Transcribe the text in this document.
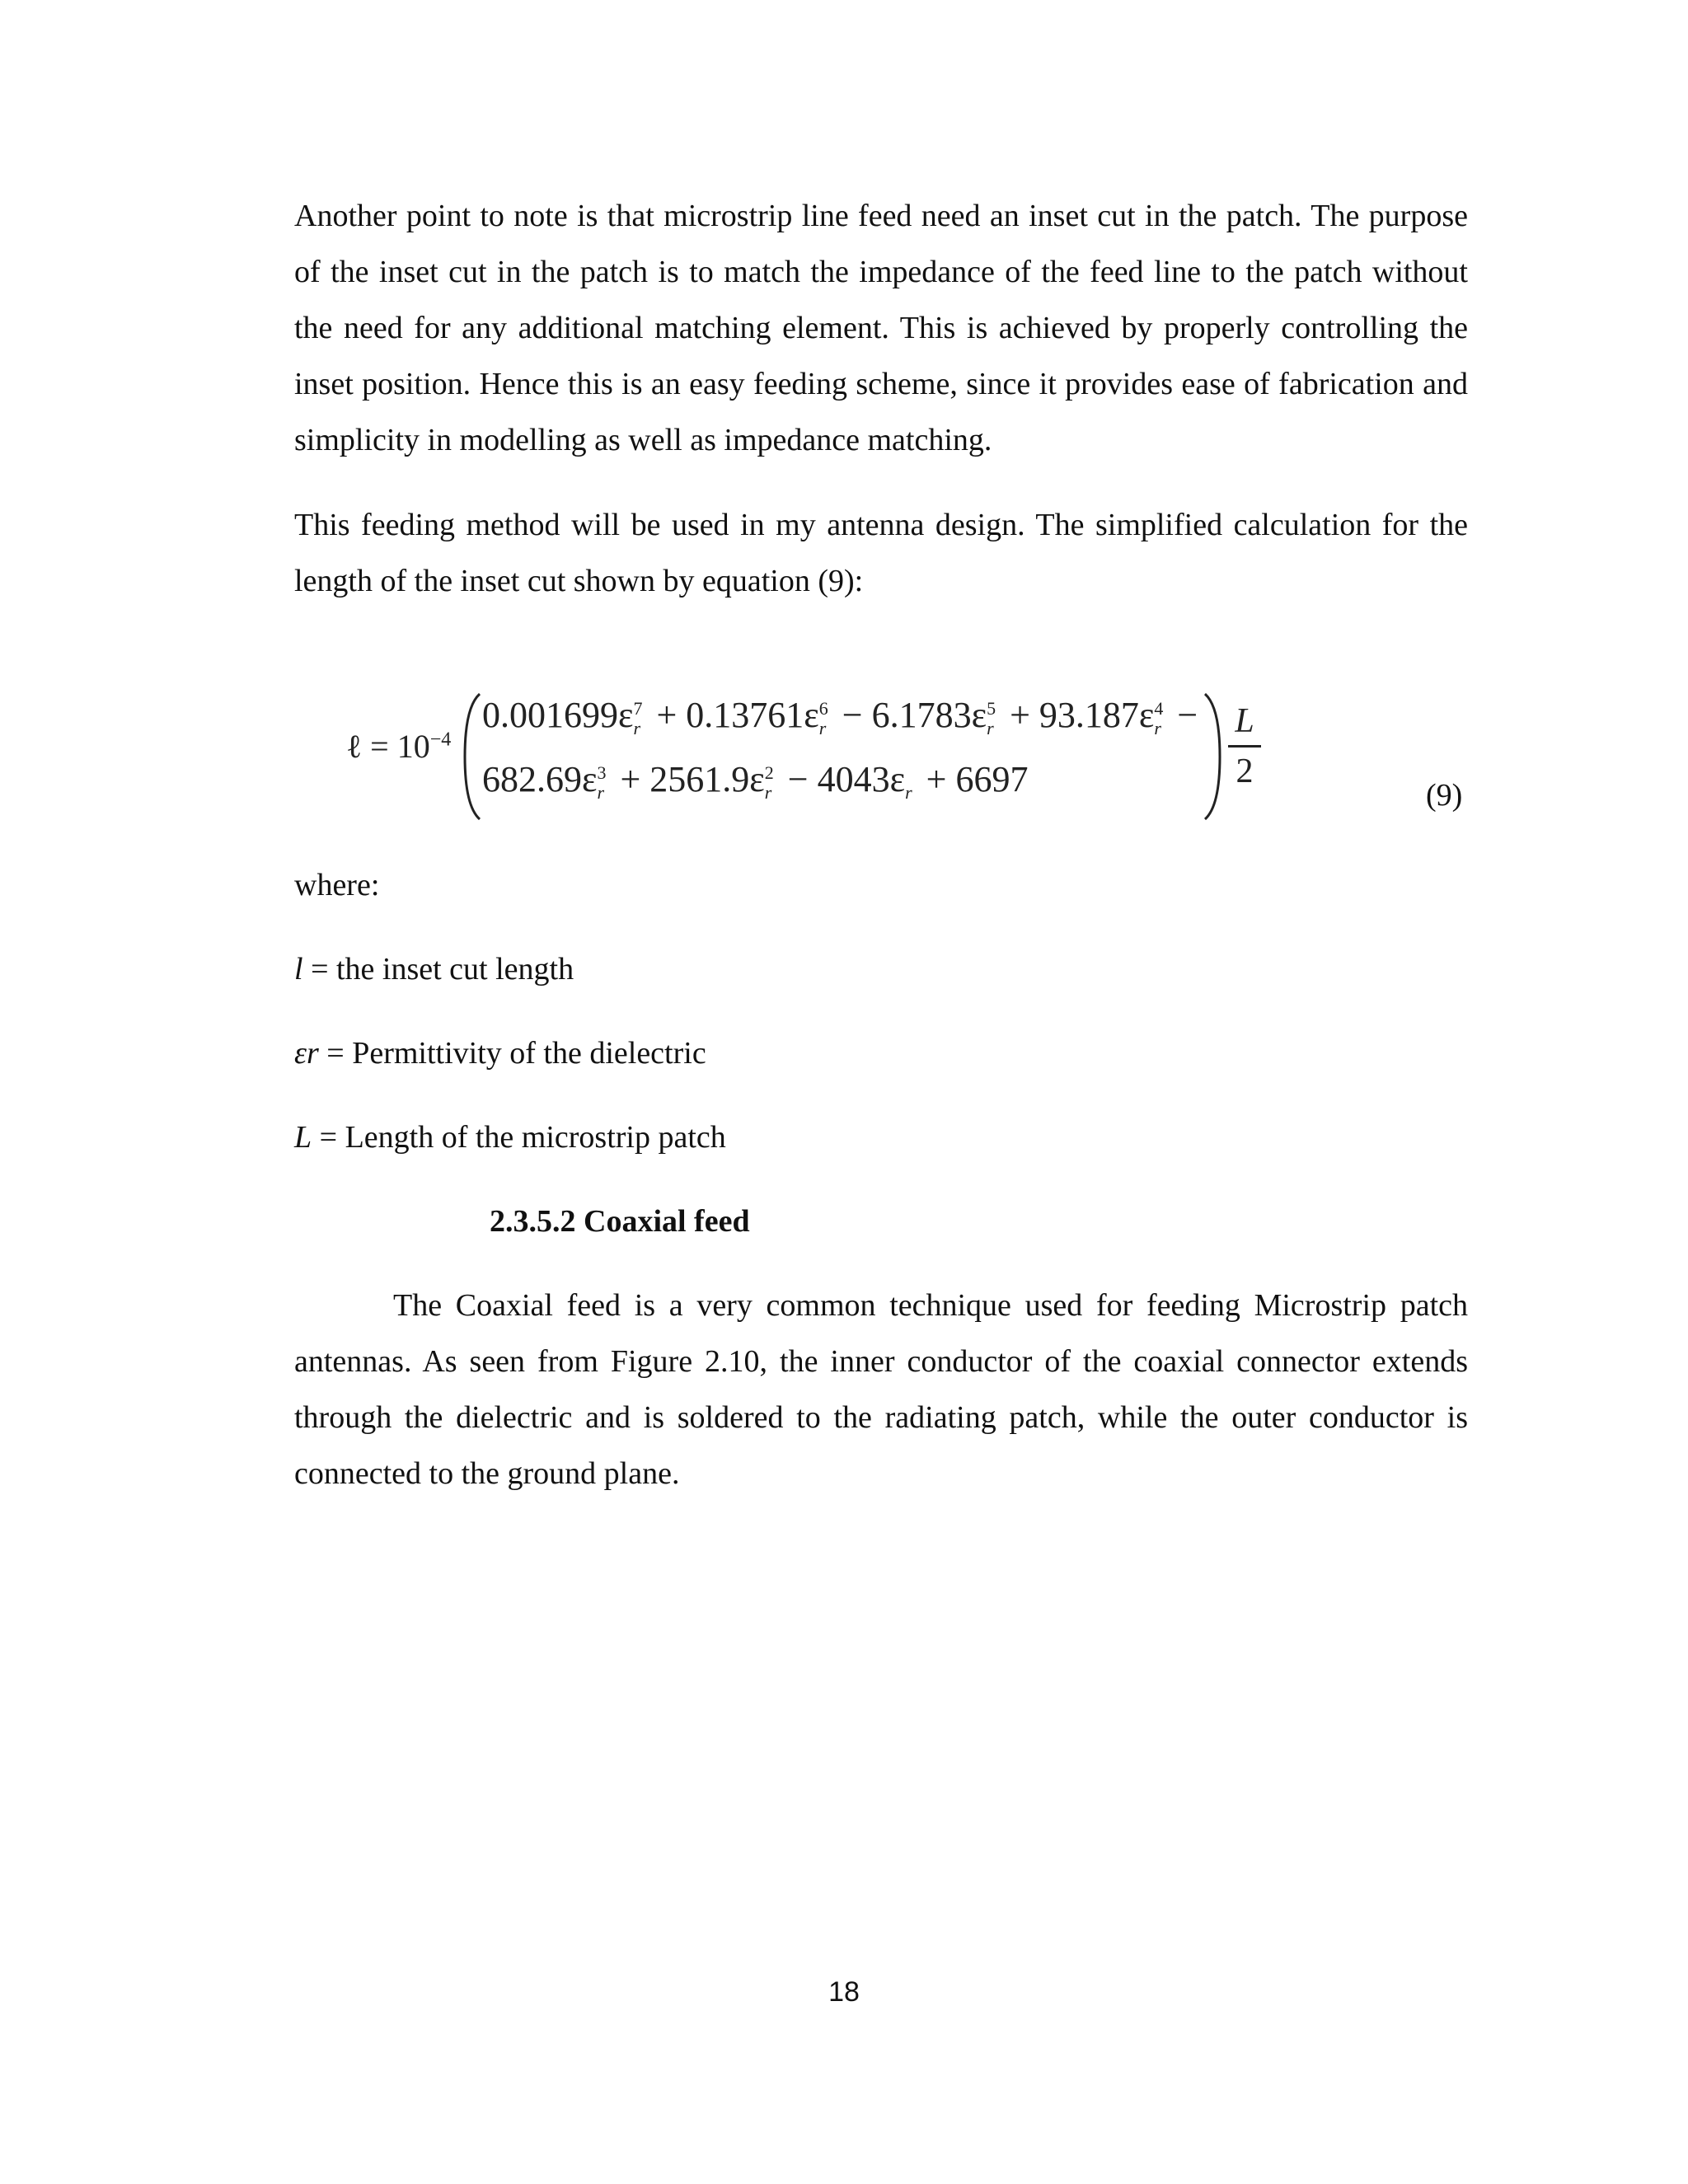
Another point to note is that microstrip line feed need an inset cut in the patch. The purpose of the inset cut in the patch is to match the impedance of the feed line to the patch without the need for any additional matching element. This is achieved by properly controlling the inset position. Hence this is an easy feeding scheme, since it provides ease of fabrication and simplicity in modelling as well as impedance matching.
This feeding method will be used in my antenna design. The simplified calculation for the length of the inset cut shown by equation (9):
ℓ = $10^{-4}$
0.001699ε 7
r + 0.13761ε 6
r − 6.1783ε 5
r + 93.187ε 4
r −
682.69ε 3
r + 2561.9ε 2
r − 4043ε
r + 6697
L
2
(9)
where:
l = the inset cut length
εr = Permittivity of the dielectric
L = Length of the microstrip patch
2.3.5.2 Coaxial feed
The Coaxial feed is a very common technique used for feeding Microstrip patch antennas. As seen from Figure 2.10, the inner conductor of the coaxial connector extends through the dielectric and is soldered to the radiating patch, while the outer conductor is connected to the ground plane.
18
